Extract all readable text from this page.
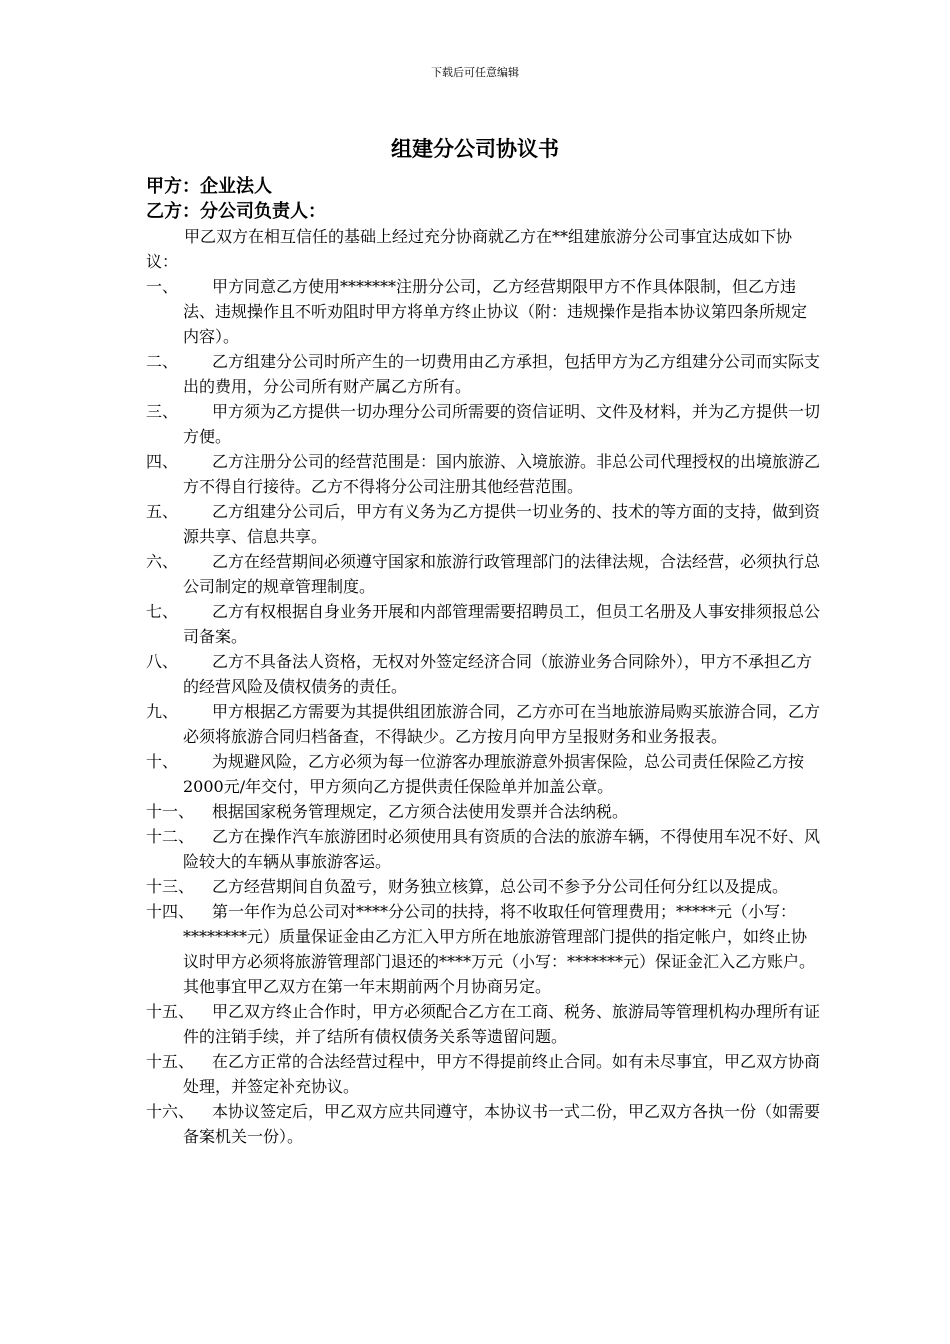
下载后可任意编辑
组建分公司协议书
甲方：企业法人
乙方：分公司负责人：
甲乙双方在相互信任的基础上经过充分协商就乙方在**组建旅游分公司事宜达成如下协议：
一、	甲方同意乙方使用*******注册分公司，乙方经营期限甲方不作具体限制，但乙方违法、违规操作且不听劝阻时甲方将单方终止协议（附：违规操作是指本协议第四条所规定内容）。
二、	乙方组建分公司时所产生的一切费用由乙方承担，包括甲方为乙方组建分公司而实际支出的费用，分公司所有财产属乙方所有。
三、	甲方须为乙方提供一切办理分公司所需要的资信证明、文件及材料，并为乙方提供一切方便。
四、	乙方注册分公司的经营范围是：国内旅游、入境旅游。非总公司代理授权的出境旅游乙方不得自行接待。乙方不得将分公司注册其他经营范围。
五、	乙方组建分公司后，甲方有义务为乙方提供一切业务的、技术的等方面的支持，做到资源共享、信息共享。
六、	乙方在经营期间必须遵守国家和旅游行政管理部门的法律法规，合法经营，必须执行总公司制定的规章管理制度。
七、	乙方有权根据自身业务开展和内部管理需要招聘员工，但员工名册及人事安排须报总公司备案。
八、	乙方不具备法人资格，无权对外签定经济合同（旅游业务合同除外），甲方不承担乙方的经营风险及债权债务的责任。
九、	甲方根据乙方需要为其提供组团旅游合同，乙方亦可在当地旅游局购买旅游合同，乙方必须将旅游合同归档备查，不得缺少。乙方按月向甲方呈报财务和业务报表。
十、	为规避风险，乙方必须为每一位游客办理旅游意外损害保险，总公司责任保险乙方按2000元/年交付，甲方须向乙方提供责任保险单并加盖公章。
十一、	根据国家税务管理规定，乙方须合法使用发票并合法纳税。
十二、	乙方在操作汽车旅游团时必须使用具有资质的合法的旅游车辆，不得使用车况不好、风险较大的车辆从事旅游客运。
十三、	乙方经营期间自负盈亏，财务独立核算，总公司不参予分公司任何分红以及提成。
十四、	第一年作为总公司对****分公司的扶持，将不收取任何管理费用；*****元（小写：********元）质量保证金由乙方汇入甲方所在地旅游管理部门提供的指定帐户，如终止协议时甲方必须将旅游管理部门退还的****万元（小写：*******元）保证金汇入乙方账户。其他事宜甲乙双方在第一年末期前两个月协商另定。
十五、	甲乙双方终止合作时，甲方必须配合乙方在工商、税务、旅游局等管理机构办理所有证件的注销手续，并了结所有债权债务关系等遗留问题。
十五、	在乙方正常的合法经营过程中，甲方不得提前终止合同。如有未尽事宜，甲乙双方协商处理，并签定补充协议。
十六、	本协议签定后，甲乙双方应共同遵守，本协议书一式二份，甲乙双方各执一份（如需要备案机关一份）。
